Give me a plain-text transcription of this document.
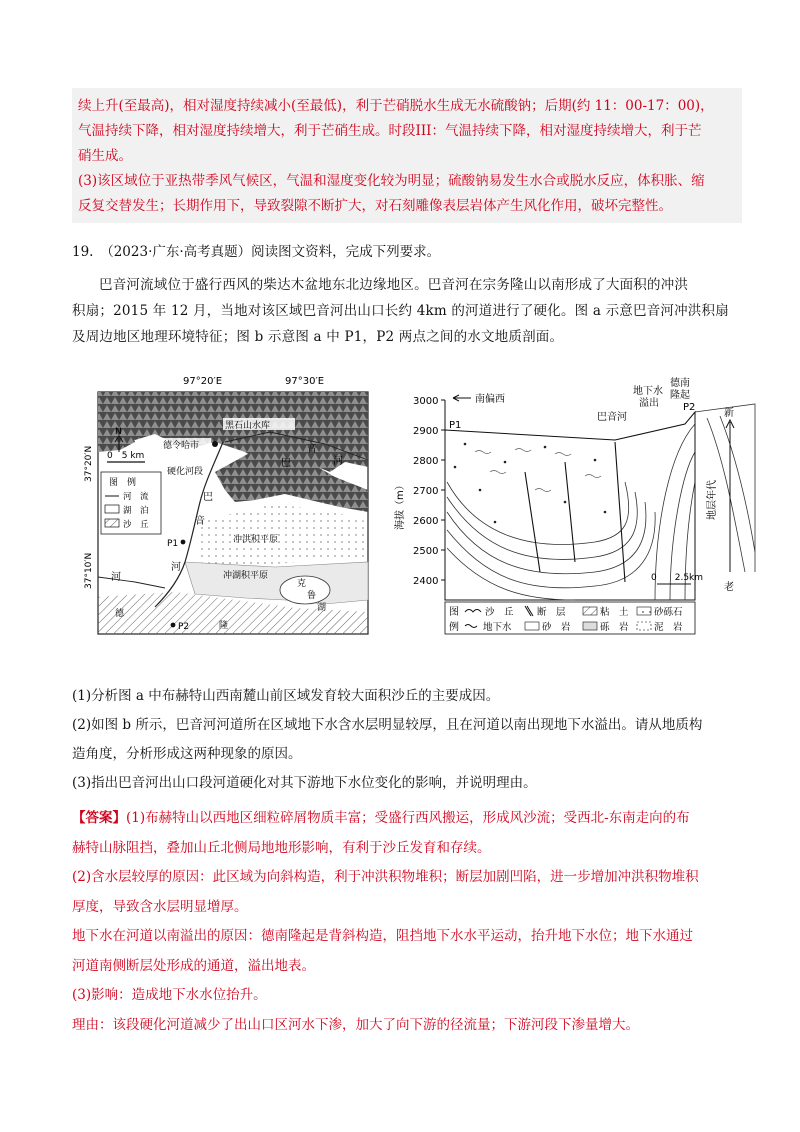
续上升(至最高)，相对湿度持续减小(至最低)，利于芒硝脱水生成无水硫酸钠；后期(约 11：00-17：00)，

气温持续下降，相对湿度持续增大，利于芒硝生成。时段III：气温持续下降，相对湿度持续增大，利于芒

硝生成。

(3)该区域位于亚热带季风气候区，气温和湿度变化较为明显；硫酸钠易发生水合或脱水反应，体积胀、缩

反复交替发生；长期作用下，导致裂隙不断扩大，对石刻雕像表层岩体产生风化作用，破坏完整性。

19.　（2023·广东·高考真题）阅读图文资料，完成下列要求。

巴音河流域位于盛行西风的柴达木盆地东北边缘地区。巴音河在宗务隆山以南形成了大面积的冲洪

积扇；2015 年 12 月，当地对该区域巴音河出山口长约 4km 的河道进行了硬化。图 a 示意巴音河冲洪积扇

及周边地区地理环境特征；图 b 示意图 a 中 P1，P2 两点之间的水文地质剖面。

97°20′E	97°30′E
37°20′N
37°10′N
N
0　5 km
图　例
河　流
湖　泊
沙　丘
黑石山水库
德令哈市
硬化河段
巴
音
河
巴
音
河
河
冲洪积平原
冲湖积平原
克
鲁
湖
德
隆
P1
P2
3000
2900
2800
2700
2600
2500
2400
海拔（m）
南偏西
P1
P2
巴音河
地下水
溢出
德南
隆起
新
地层年代
老
0　　2.5km
图
例
沙　丘 断　层	粘　土	砂砾石
地下水	砂　岩	砾　岩	泥　岩

(1)分析图 a 中布赫特山西南麓山前区域发育较大面积沙丘的主要成因。

(2)如图 b 所示，巴音河河道所在区域地下水含水层明显较厚，且在河道以南出现地下水溢出。请从地质构

造角度，分析形成这两种现象的原因。

(3)指出巴音河出山口段河道硬化对其下游地下水位变化的影响，并说明理由。

【答案】(1)布赫特山以西地区细粒碎屑物质丰富；受盛行西风搬运，形成风沙流；受西北-东南走向的布

赫特山脉阻挡，叠加山丘北侧局地地形影响，有利于沙丘发育和存续。

(2)含水层较厚的原因：此区域为向斜构造，利于冲洪积物堆积；断层加剧凹陷，进一步增加冲洪积物堆积

厚度，导致含水层明显增厚。

地下水在河道以南溢出的原因：德南隆起是背斜构造，阻挡地下水水平运动，抬升地下水位；地下水通过

河道南侧断层处形成的通道，溢出地表。

(3)影响：造成地下水水位抬升。

理由：该段硬化河道减少了出山口区河水下渗，加大了向下游的径流量；下游河段下渗量增大。
